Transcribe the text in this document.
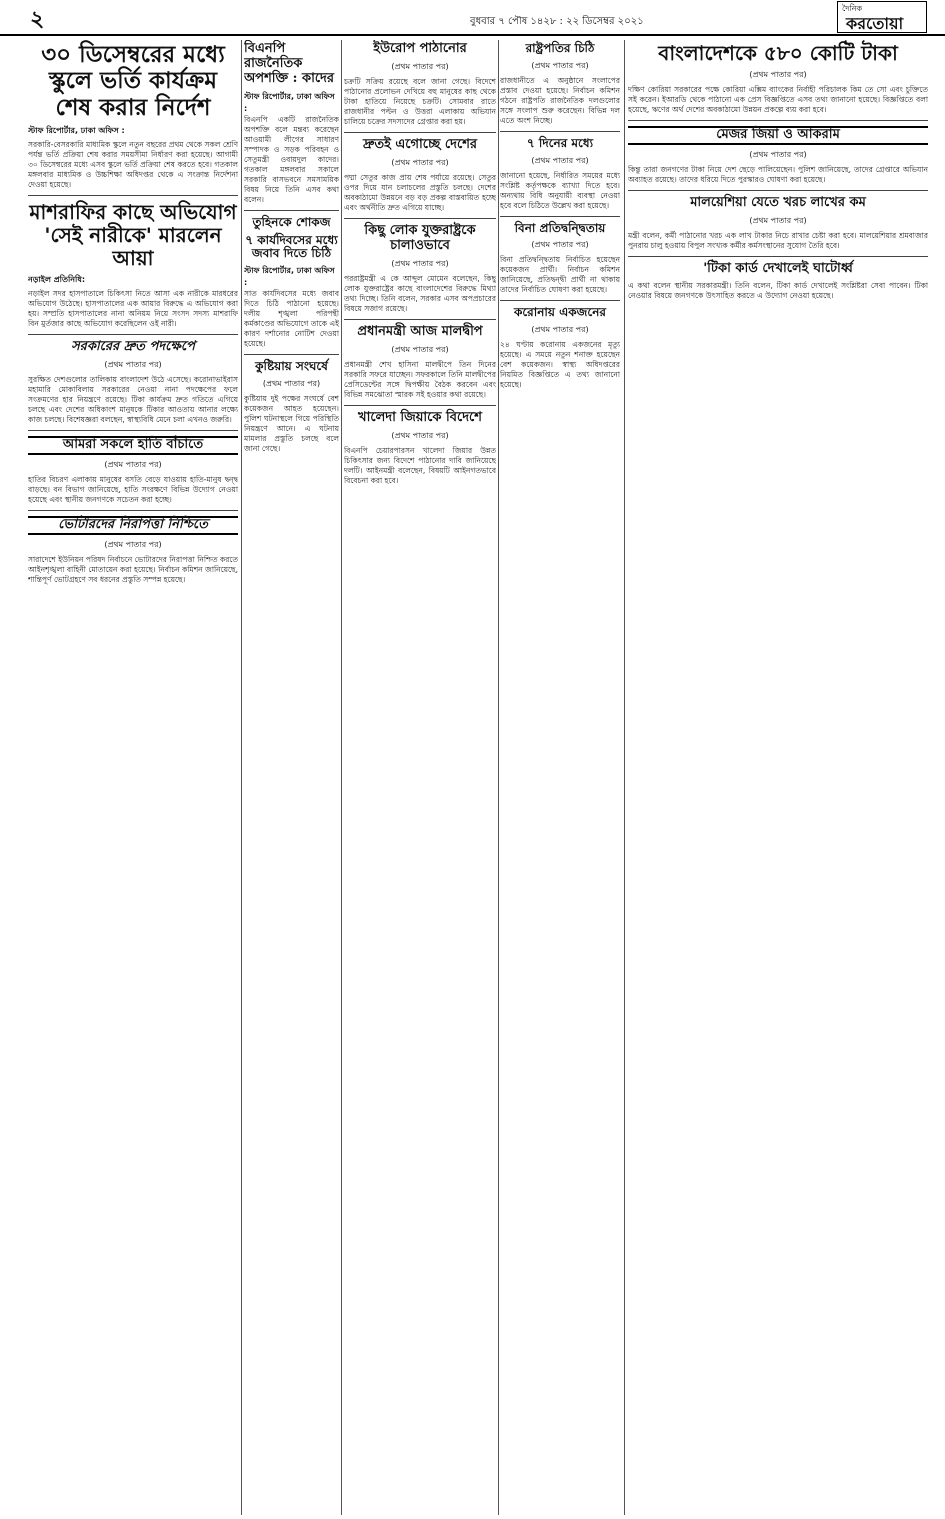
২	বুধবার ৭ পৌষ ১৪২৮ : ২২ ডিসেম্বর ২০২১
দৈনিক
করতোয়া
৩০ ডিসেম্বরের মধ্যে স্কুলে ভর্তি কার্যক্রম শেষ করার নির্দেশ
স্টাফ রিপোর্টার, ঢাকা অফিস :

সরকারি-বেসরকারি মাধ্যমিক স্কুলে নতুন বছরের প্রথম থেকে সকল শ্রেণি পর্যন্ত ভর্তি প্রক্রিয়া শেষ করার সময়সীমা নির্ধারণ করা হয়েছে। আগামী ৩০ ডিসেম্বরের মধ্যে এসব স্কুলে ভর্তি প্রক্রিয়া শেষ করতে হবে। গতকাল মঙ্গলবার মাধ্যমিক ও উচ্চশিক্ষা অধিদপ্তর থেকে এ সংক্রান্ত নির্দেশনা দেওয়া হয়েছে।

মাশরাফির কাছে অভিযোগ 'সেই নারীকে' মারলেন আয়া
নড়াইল প্রতিনিধি:

নড়াইল সদর হাসপাতালে চিকিৎসা নিতে আসা এক নারীকে মারধরের অভিযোগ উঠেছে। হাসপাতালের এক আয়ার বিরুদ্ধে এ অভিযোগ করা হয়। সম্প্রতি হাসপাতালের নানা অনিয়ম নিয়ে সংসদ সদস্য মাশরাফি বিন মুর্তজার কাছে অভিযোগ করেছিলেন ওই নারী।

সরকারের দ্রুত পদক্ষেপে
(প্রথম পাতার পর)

সুরক্ষিত দেশগুলোর তালিকায় বাংলাদেশ উঠে এসেছে। করোনাভাইরাস মহামারি মোকাবিলায় সরকারের নেওয়া নানা পদক্ষেপের ফলে সংক্রমণের হার নিয়ন্ত্রণে রয়েছে। টিকা কার্যক্রম দ্রুত গতিতে এগিয়ে চলছে এবং দেশের অধিকাংশ মানুষকে টিকার আওতায় আনার লক্ষ্যে কাজ চলছে। বিশেষজ্ঞরা বলছেন, স্বাস্থ্যবিধি মেনে চলা এখনও জরুরি।

আমরা সকলে হাতি বাঁচাতে
(প্রথম পাতার পর)

হাতির বিচরণ এলাকায় মানুষের বসতি বেড়ে যাওয়ায় হাতি-মানুষ দ্বন্দ্ব বাড়ছে। বন বিভাগ জানিয়েছে, হাতি সংরক্ষণে বিভিন্ন উদ্যোগ নেওয়া হয়েছে এবং স্থানীয় জনগণকে সচেতন করা হচ্ছে।

ভোটারদের নিরাপত্তা নিশ্চিতে
(প্রথম পাতার পর)

সারাদেশে ইউনিয়ন পরিষদ নির্বাচনে ভোটারদের নিরাপত্তা নিশ্চিত করতে আইনশৃঙ্খলা বাহিনী মোতায়েন করা হয়েছে। নির্বাচন কমিশন জানিয়েছে, শান্তিপূর্ণ ভোটগ্রহণে সব ধরনের প্রস্তুতি সম্পন্ন হয়েছে।

বিএনপি রাজনৈতিক অপশক্তি : কাদের
স্টাফ রিপোর্টার, ঢাকা অফিস :

বিএনপি একটি রাজনৈতিক অপশক্তি বলে মন্তব্য করেছেন আওয়ামী লীগের সাধারণ সম্পাদক ও সড়ক পরিবহন ও সেতুমন্ত্রী ওবায়দুল কাদের। গতকাল মঙ্গলবার সকালে সরকারি বাসভবনে সমসাময়িক বিষয় নিয়ে তিনি এসব কথা বলেন।

তুহিনকে শোকজ
৭ কার্যদিবসের মধ্যে জবাব দিতে চিঠি
স্টাফ রিপোর্টার, ঢাকা অফিস :

সাত কার্যদিবসের মধ্যে জবাব দিতে চিঠি পাঠানো হয়েছে। দলীয় শৃঙ্খলা পরিপন্থী কর্মকাণ্ডের অভিযোগে তাকে এই কারণ দর্শানোর নোটিশ দেওয়া হয়েছে।

কুষ্টিয়ায় সংঘর্ষে
(প্রথম পাতার পর)

কুষ্টিয়ায় দুই পক্ষের সংঘর্ষে বেশ কয়েকজন আহত হয়েছেন। পুলিশ ঘটনাস্থলে গিয়ে পরিস্থিতি নিয়ন্ত্রণে আনে। এ ঘটনায় মামলার প্রস্তুতি চলছে বলে জানা গেছে।

ইউরোপ পাঠানোর
(প্রথম পাতার পর)

চক্রটি সক্রিয় রয়েছে বলে জানা গেছে। বিদেশে পাঠানোর প্রলোভন দেখিয়ে বহু মানুষের কাছ থেকে টাকা হাতিয়ে নিয়েছে চক্রটি। সোমবার রাতে রাজধানীর পল্টন ও উত্তরা এলাকায় অভিযান চালিয়ে চক্রের সদস্যদের গ্রেপ্তার করা হয়।

দ্রুতই এগোচ্ছে দেশের
(প্রথম পাতার পর)

পদ্মা সেতুর কাজ প্রায় শেষ পর্যায়ে রয়েছে। সেতুর ওপর দিয়ে যান চলাচলের প্রস্তুতি চলছে। দেশের অবকাঠামো উন্নয়নে বড় বড় প্রকল্প বাস্তবায়িত হচ্ছে এবং অর্থনীতি দ্রুত এগিয়ে যাচ্ছে।

কিছু লোক যুক্তরাষ্ট্রকে চালাওভাবে
(প্রথম পাতার পর)

পররাষ্ট্রমন্ত্রী এ কে আব্দুল মোমেন বলেছেন, কিছু লোক যুক্তরাষ্ট্রের কাছে বাংলাদেশের বিরুদ্ধে মিথ্যা তথ্য দিচ্ছে। তিনি বলেন, সরকার এসব অপপ্রচারের বিষয়ে সজাগ রয়েছে।

প্রধানমন্ত্রী আজ মালদ্বীপ
(প্রথম পাতার পর)

প্রধানমন্ত্রী শেখ হাসিনা মালদ্বীপে তিন দিনের সরকারি সফরে যাচ্ছেন। সফরকালে তিনি মালদ্বীপের প্রেসিডেন্টের সঙ্গে দ্বিপক্ষীয় বৈঠক করবেন এবং বিভিন্ন সমঝোতা স্মারক সই হওয়ার কথা রয়েছে।

খালেদা জিয়াকে বিদেশে
(প্রথম পাতার পর)

বিএনপি চেয়ারপারসন খালেদা জিয়ার উন্নত চিকিৎসার জন্য বিদেশে পাঠানোর দাবি জানিয়েছে দলটি। আইনমন্ত্রী বলেছেন, বিষয়টি আইনগতভাবে বিবেচনা করা হবে।

রাষ্ট্রপতির চিঠি
(প্রথম পাতার পর)

রাজধানীতে এ অনুষ্ঠানে সংলাপের প্রস্তাব দেওয়া হয়েছে। নির্বাচন কমিশন গঠনে রাষ্ট্রপতি রাজনৈতিক দলগুলোর সঙ্গে সংলাপ শুরু করেছেন। বিভিন্ন দল এতে অংশ নিচ্ছে।

৭ দিনের মধ্যে
(প্রথম পাতার পর)

জানানো হয়েছে, নির্ধারিত সময়ের মধ্যে সংশ্লিষ্ট কর্তৃপক্ষকে ব্যাখ্যা দিতে হবে। অন্যথায় বিধি অনুযায়ী ব্যবস্থা নেওয়া হবে বলে চিঠিতে উল্লেখ করা হয়েছে।

বিনা প্রতিদ্বন্দ্বিতায়
(প্রথম পাতার পর)

বিনা প্রতিদ্বন্দ্বিতায় নির্বাচিত হয়েছেন কয়েকজন প্রার্থী। নির্বাচন কমিশন জানিয়েছে, প্রতিদ্বন্দ্বী প্রার্থী না থাকায় তাদের নির্বাচিত ঘোষণা করা হয়েছে।

করোনায় একজনের
(প্রথম পাতার পর)

২৪ ঘণ্টায় করোনায় একজনের মৃত্যু হয়েছে। এ সময়ে নতুন শনাক্ত হয়েছেন বেশ কয়েকজন। স্বাস্থ্য অধিদপ্তরের নিয়মিত বিজ্ঞপ্তিতে এ তথ্য জানানো হয়েছে।

বাংলাদেশকে ৫৮০ কোটি টাকা
(প্রথম পাতার পর)

দক্ষিণ কোরিয়া সরকারের পক্ষে কোরিয়া এক্সিম ব্যাংকের নির্বাহী পরিচালক কিম তে সো এবং চুক্তিতে সই করেন। ইআরডি থেকে পাঠানো এক প্রেস বিজ্ঞপ্তিতে এসব তথ্য জানানো হয়েছে। বিজ্ঞপ্তিতে বলা হয়েছে, ঋণের অর্থ দেশের অবকাঠামো উন্নয়ন প্রকল্পে ব্যয় করা হবে।

মেজর জিয়া ও আকরাম
(প্রথম পাতার পর)

কিন্তু তারা জনগণের টাকা নিয়ে দেশ ছেড়ে পালিয়েছেন। পুলিশ জানিয়েছে, তাদের গ্রেপ্তারে অভিযান অব্যাহত রয়েছে। তাদের ধরিয়ে দিতে পুরস্কারও ঘোষণা করা হয়েছে।

মালয়েশিয়া যেতে খরচ লাখের কম
(প্রথম পাতার পর)

মন্ত্রী বলেন, কর্মী পাঠানোর খরচ এক লাখ টাকার নিচে রাখার চেষ্টা করা হবে। মালয়েশিয়ার শ্রমবাজার পুনরায় চালু হওয়ায় বিপুল সংখ্যক কর্মীর কর্মসংস্থানের সুযোগ তৈরি হবে।

'টিকা কার্ড দেখালেই ঘাটোর্ধ্ব

এ কথা বলেন স্থানীয় সরকারমন্ত্রী। তিনি বলেন, টিকা কার্ড দেখালেই সংশ্লিষ্টরা সেবা পাবেন। টিকা নেওয়ার বিষয়ে জনগণকে উৎসাহিত করতে এ উদ্যোগ নেওয়া হয়েছে।
